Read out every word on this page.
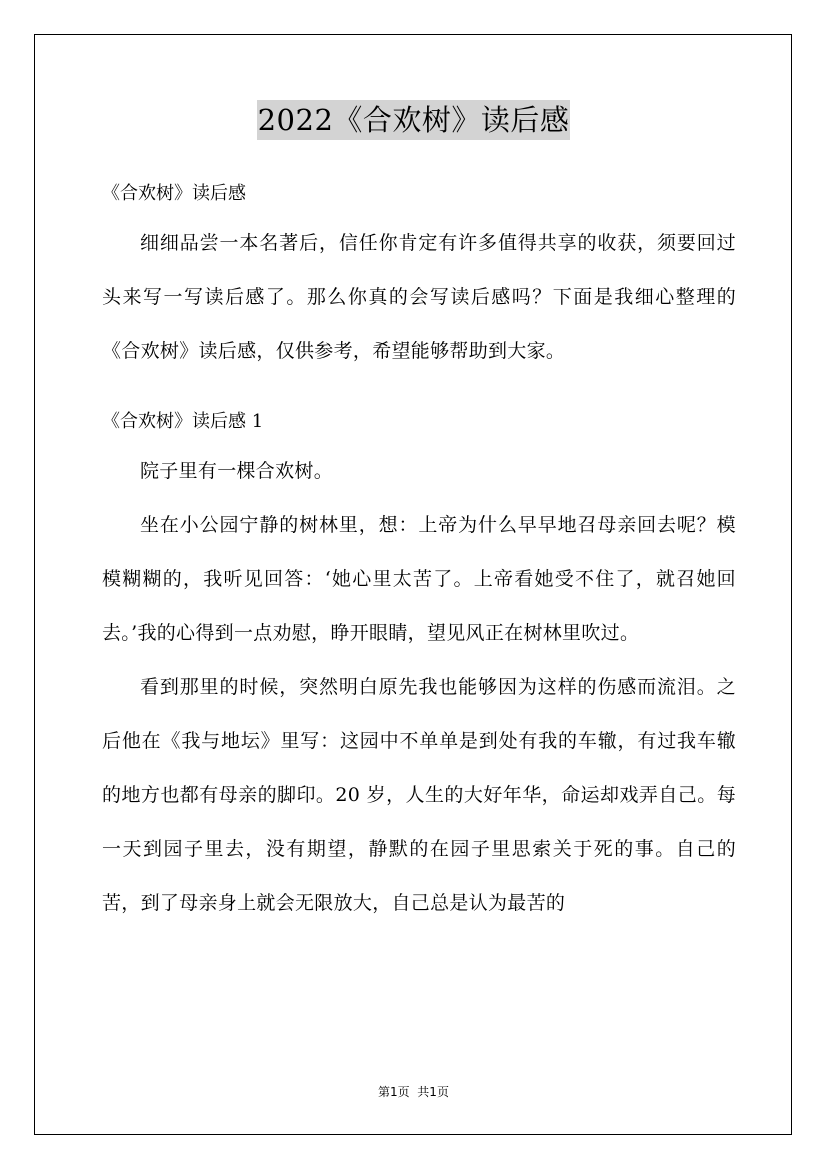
2022《合欢树》读后感

《合欢树》读后感

细细品尝一本名著后，信任你肯定有许多值得共享的收获，须要回过头来写一写读后感了。那么你真的会写读后感吗？下面是我细心整理的《合欢树》读后感，仅供参考，希望能够帮助到大家。

《合欢树》读后感 1

院子里有一棵合欢树。

坐在小公园宁静的树林里，想：上帝为什么早早地召母亲回去呢？模模糊糊的，我听见回答：‘她心里太苦了。上帝看她受不住了，就召她回去。’我的心得到一点劝慰，睁开眼睛，望见风正在树林里吹过。

看到那里的时候，突然明白原先我也能够因为这样的伤感而流泪。之后他在《我与地坛》里写：这园中不单单是到处有我的车辙，有过我车辙的地方也都有母亲的脚印。20 岁，人生的大好年华，命运却戏弄自己。每一天到园子里去，没有期望，静默的在园子里思索关于死的事。自己的苦，到了母亲身上就会无限放大，自己总是认为最苦的

第1页  共1页
